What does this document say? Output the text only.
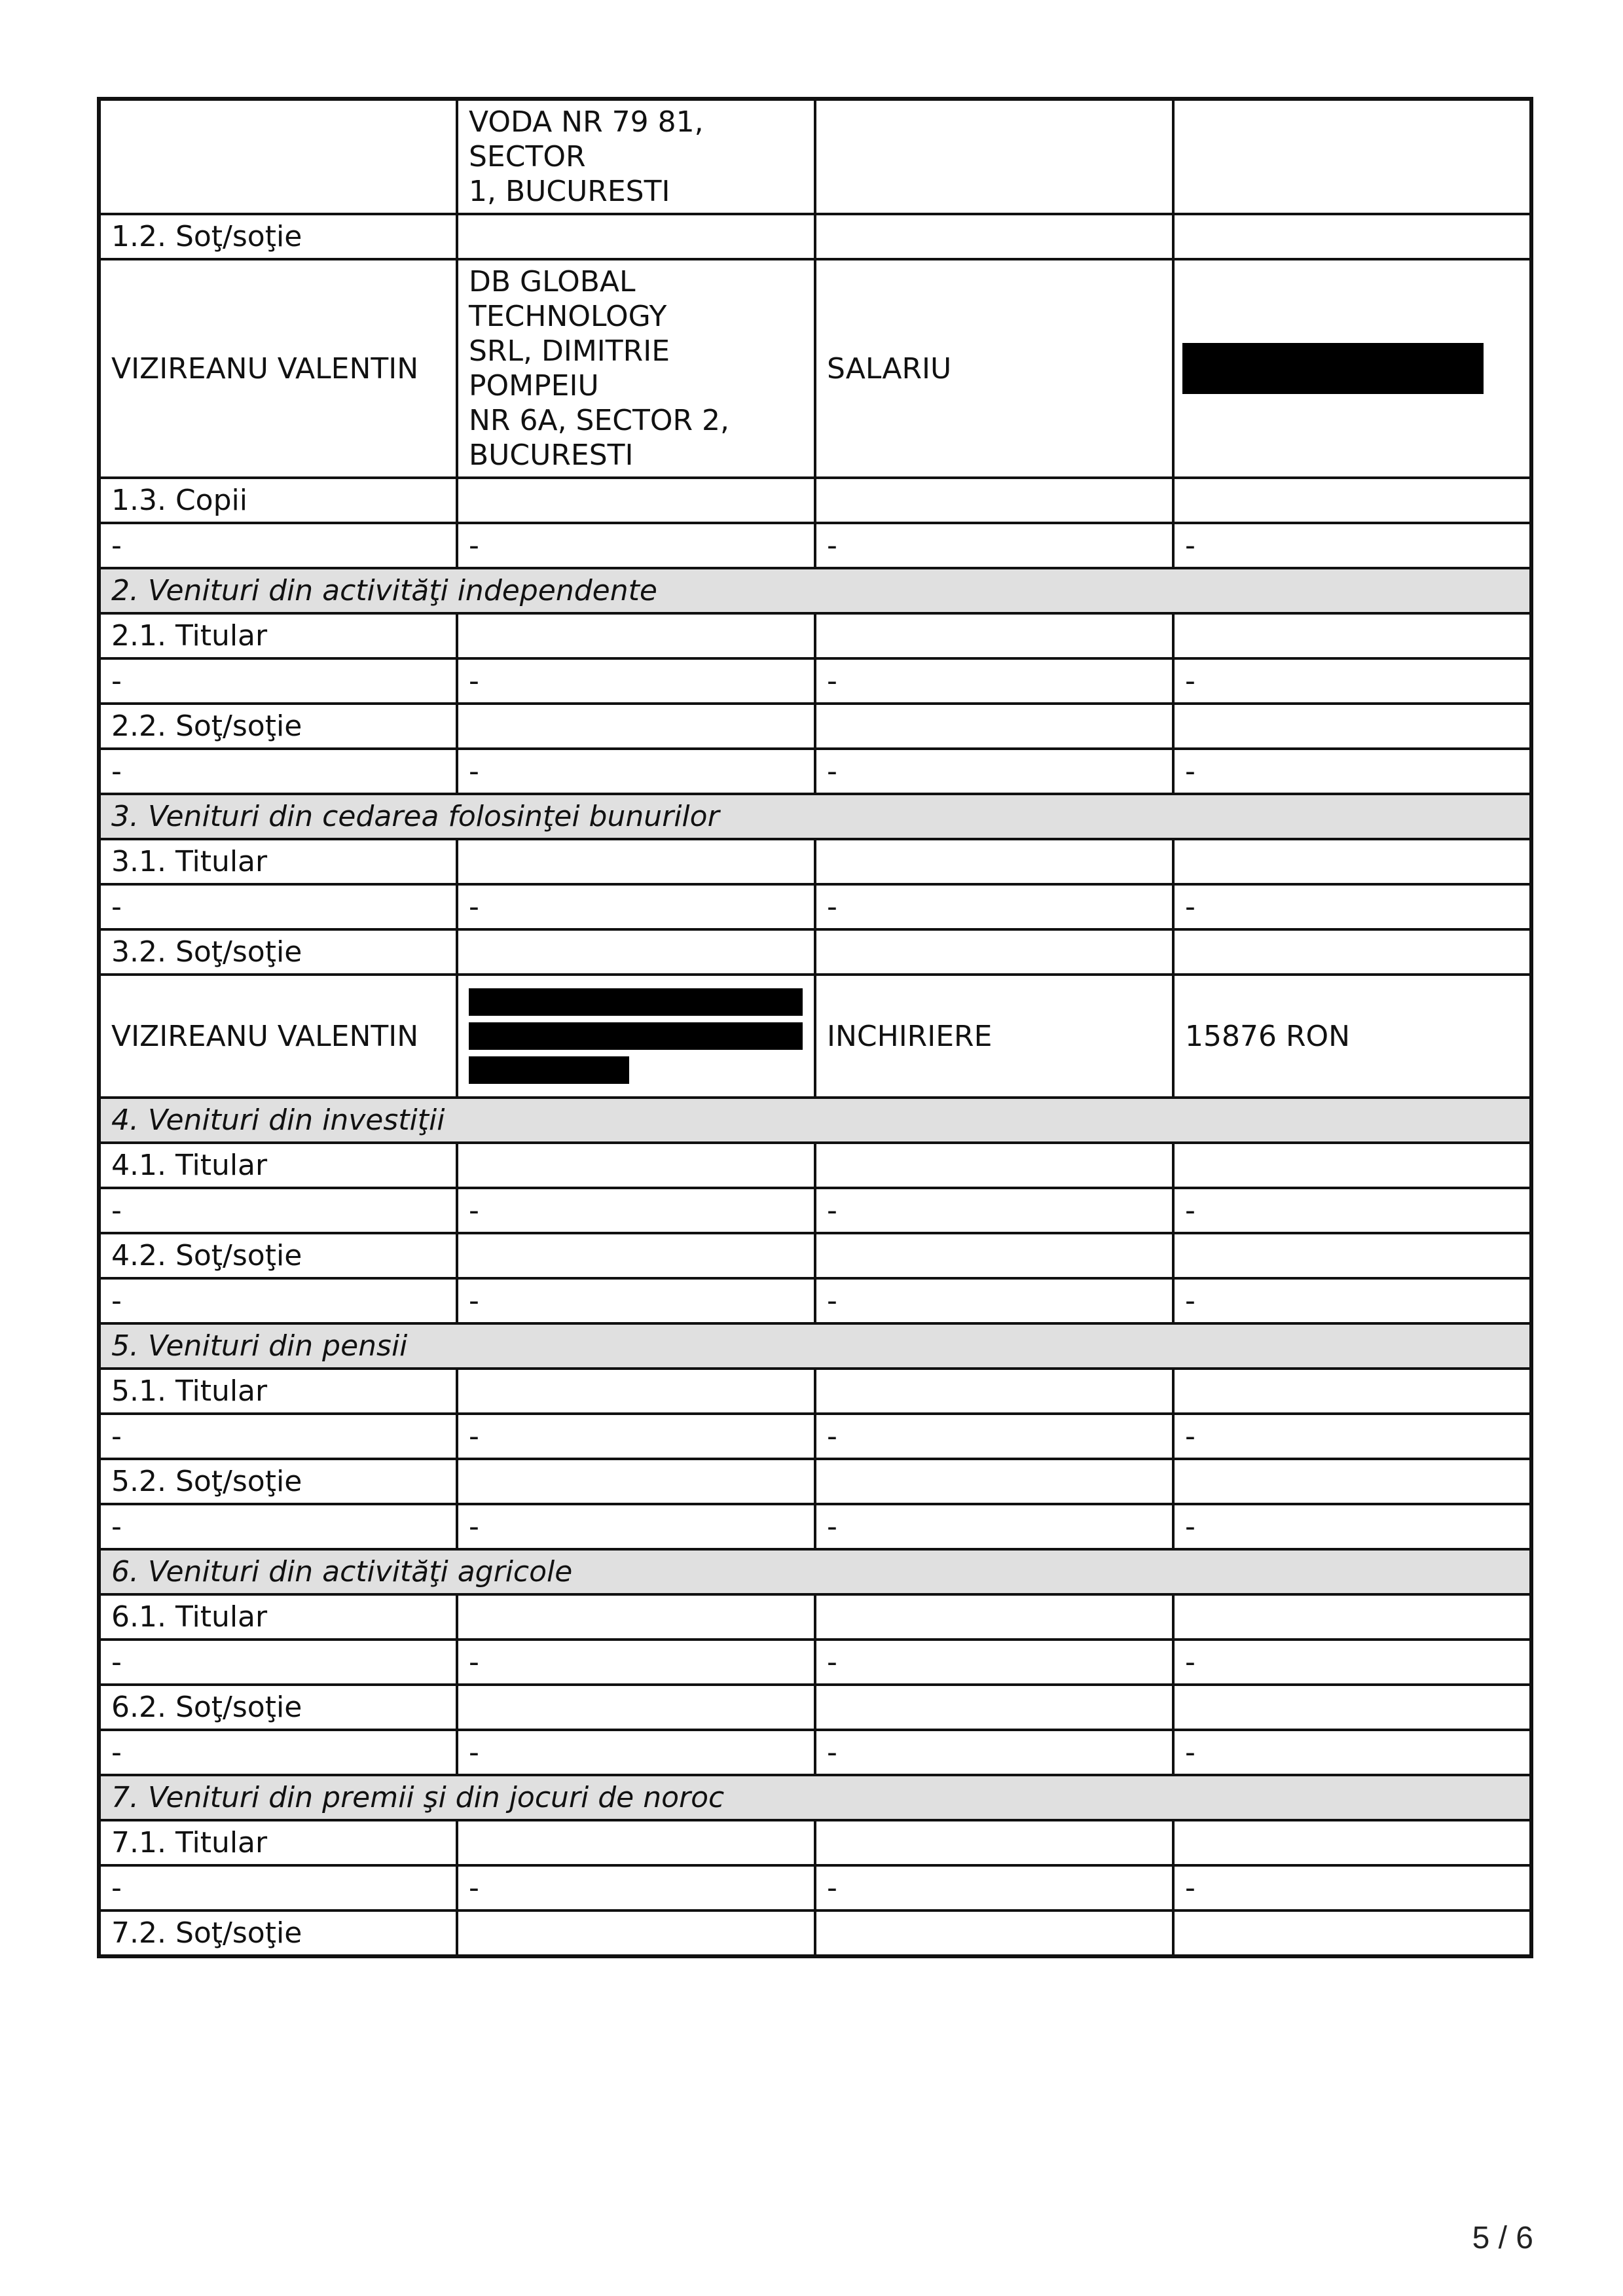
	VODA NR 79 81, SECTOR
1, BUCURESTI		
1.2. Soţ/soţie			
VIZIREANU VALENTIN	DB GLOBAL
TECHNOLOGY
SRL, DIMITRIE POMPEIU
NR 6A, SECTOR 2,
BUCURESTI	SALARIU	

1.3. Copii			
-	-	-	-
2. Venituri din activităţi independente			
2.1. Titular			
-	-	-	-
2.2. Soţ/soţie			
-	-	-	-
3. Venituri din cedarea folosinţei bunurilor			
3.1. Titular			
-	-	-	-
3.2. Soţ/soţie			
VIZIREANU VALENTIN		INCHIRIERE	15876 RON
4. Venituri din investiţii			
4.1. Titular			
-	-	-	-
4.2. Soţ/soţie			
-	-	-	-
5. Venituri din pensii			
5.1. Titular			
-	-	-	-
5.2. Soţ/soţie			
-	-	-	-
6. Venituri din activităţi agricole			
6.1. Titular			
-	-	-	-
6.2. Soţ/soţie			
-	-	-	-
7. Venituri din premii şi din jocuri de noroc			
7.1. Titular			
-	-	-	-
7.2. Soţ/soţie			
5 / 6
